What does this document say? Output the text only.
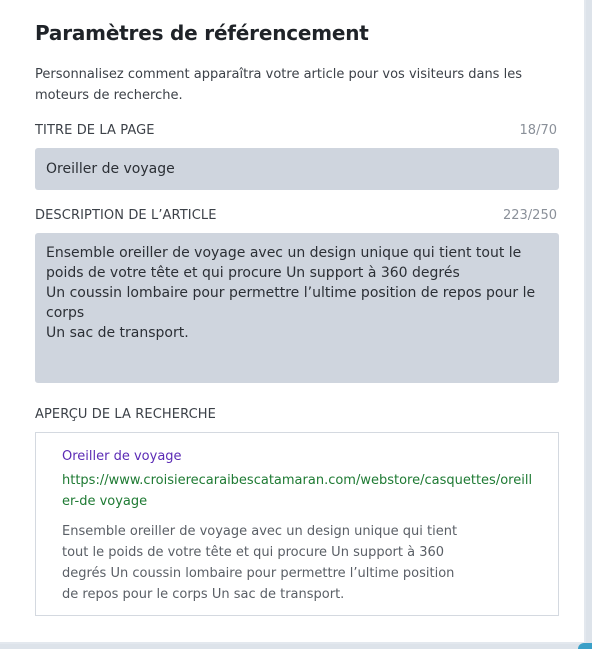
Paramètres de référencement
Personnalisez comment apparaîtra votre article pour vos visiteurs dans les moteurs de recherche.
TITRE DE LA PAGE	18/70
Oreiller de voyage
DESCRIPTION DE L’ARTICLE	223/250
Ensemble oreiller de voyage avec un design unique qui tient tout le poids de votre tête et qui procure Un support à 360 degrés
Un coussin lombaire pour permettre l’ultime position de repos pour le corps
Un sac de transport.
APERÇU DE LA RECHERCHE
Oreiller de voyage
https://www.croisierecaraibescatamaran.com/webstore/casquettes/oreiller-de voyage
Ensemble oreiller de voyage avec un design unique qui tient tout le poids de votre tête et qui procure Un support à 360 degrés Un coussin lombaire pour permettre l’ultime position de repos pour le corps Un sac de transport.
